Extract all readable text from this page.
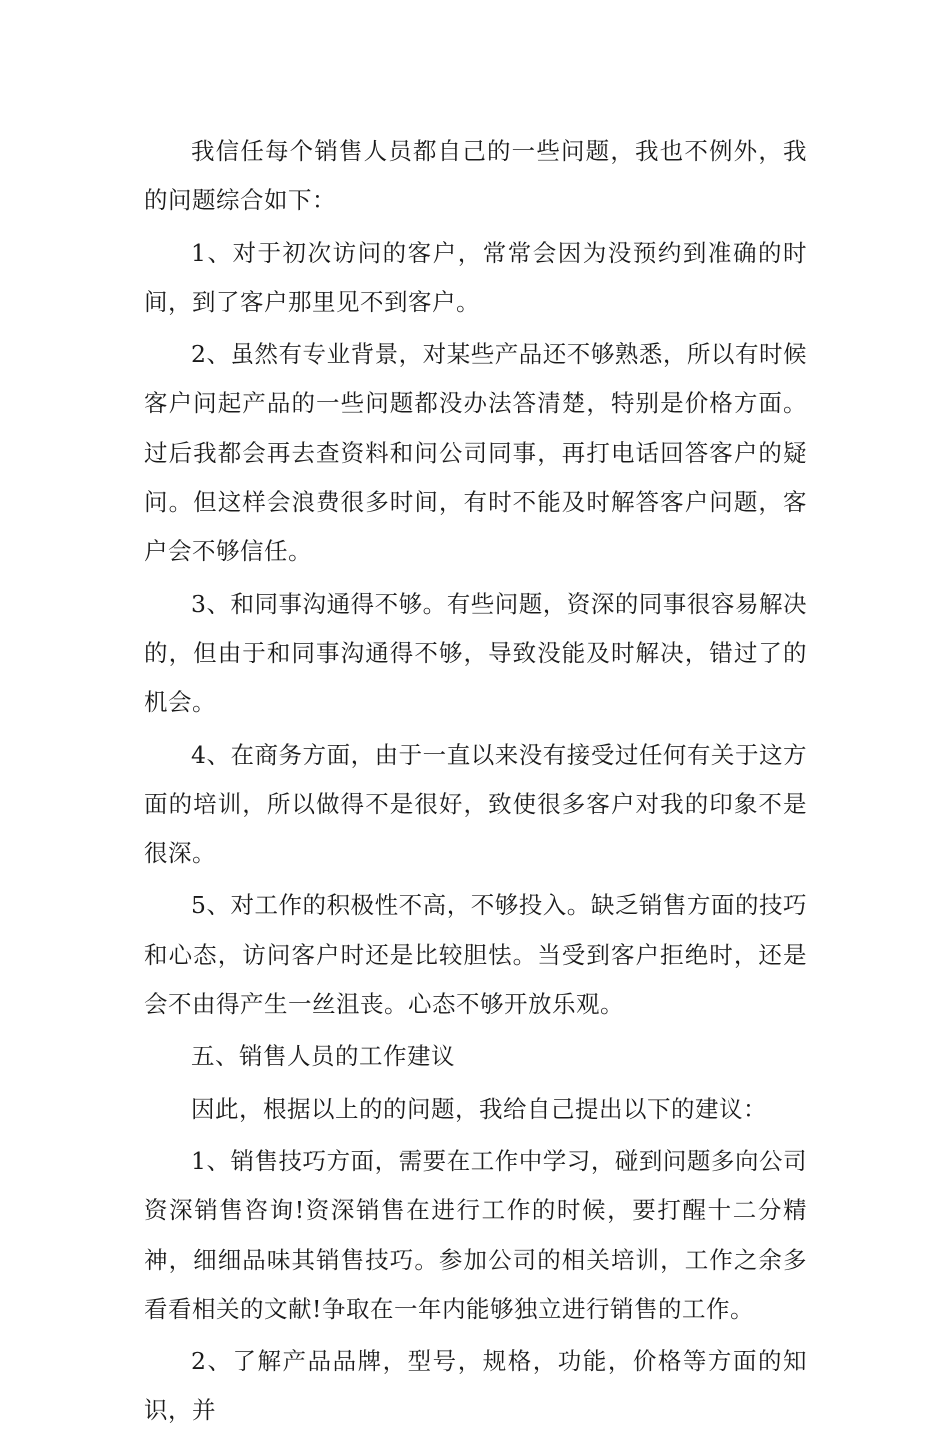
我信任每个销售人员都自己的一些问题，我也不例外，我的问题综合如下：

1、对于初次访问的客户，常常会因为没预约到准确的时间，到了客户那里见不到客户。

2、虽然有专业背景，对某些产品还不够熟悉，所以有时候客户问起产品的一些问题都没办法答清楚，特别是价格方面。过后我都会再去查资料和问公司同事，再打电话回答客户的疑问。但这样会浪费很多时间，有时不能及时解答客户问题，客户会不够信任。

3、和同事沟通得不够。有些问题，资深的同事很容易解决的，但由于和同事沟通得不够，导致没能及时解决，错过了的机会。

4、在商务方面，由于一直以来没有接受过任何有关于这方面的培训，所以做得不是很好，致使很多客户对我的印象不是很深。

5、对工作的积极性不高，不够投入。缺乏销售方面的技巧和心态，访问客户时还是比较胆怯。当受到客户拒绝时，还是会不由得产生一丝沮丧。心态不够开放乐观。

五、销售人员的工作建议

因此，根据以上的的问题，我给自己提出以下的建议：

1、销售技巧方面，需要在工作中学习，碰到问题多向公司资深销售咨询!资深销售在进行工作的时候，要打醒十二分精神，细细品味其销售技巧。参加公司的相关培训，工作之余多看看相关的文献!争取在一年内能够独立进行销售的工作。

2、了解产品品牌，型号，规格，功能，价格等方面的知识，并
